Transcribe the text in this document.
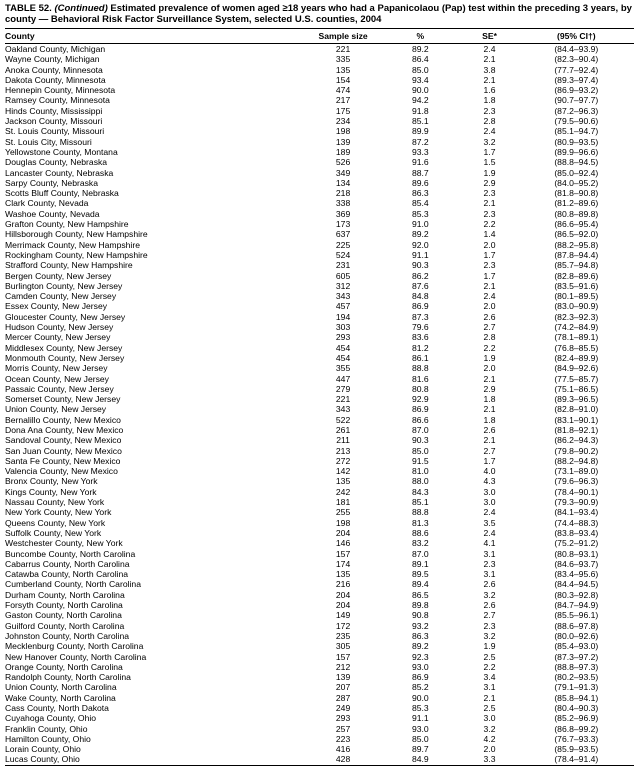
TABLE 52. (Continued) Estimated prevalence of women aged ≥18 years who had a Papanicolaou (Pap) test within the preceding 3 years, by county — Behavioral Risk Factor Surveillance System, selected U.S. counties, 2004
County	Sample size	%	SE*	(95% CI†)
Oakland County, Michigan	221	89.2	2.4	(84.4–93.9)
Wayne County, Michigan	335	86.4	2.1	(82.3–90.4)
Anoka County, Minnesota	135	85.0	3.8	(77.7–92.4)
Dakota County, Minnesota	154	93.4	2.1	(89.3–97.4)
Hennepin County, Minnesota	474	90.0	1.6	(86.9–93.2)
Ramsey County, Minnesota	217	94.2	1.8	(90.7–97.7)
Hinds County, Mississippi	175	91.8	2.3	(87.2–96.3)
Jackson County, Missouri	234	85.1	2.8	(79.5–90.6)
St. Louis County, Missouri	198	89.9	2.4	(85.1–94.7)
St. Louis City, Missouri	139	87.2	3.2	(80.9–93.5)
Yellowstone County, Montana	189	93.3	1.7	(89.9–96.6)
Douglas County, Nebraska	526	91.6	1.5	(88.8–94.5)
Lancaster County, Nebraska	349	88.7	1.9	(85.0–92.4)
Sarpy County, Nebraska	134	89.6	2.9	(84.0–95.2)
Scotts Bluff County, Nebraska	218	86.3	2.3	(81.8–90.8)
Clark County, Nevada	338	85.4	2.1	(81.2–89.6)
Washoe County, Nevada	369	85.3	2.3	(80.8–89.8)
Grafton County, New Hampshire	173	91.0	2.2	(86.6–95.4)
Hillsborough County, New Hampshire	637	89.2	1.4	(86.5–92.0)
Merrimack County, New Hampshire	225	92.0	2.0	(88.2–95.8)
Rockingham County, New Hampshire	524	91.1	1.7	(87.8–94.4)
Strafford County, New Hampshire	231	90.3	2.3	(85.7–94.8)
Bergen County, New Jersey	605	86.2	1.7	(82.8–89.6)
Burlington County, New Jersey	312	87.6	2.1	(83.5–91.6)
Camden County, New Jersey	343	84.8	2.4	(80.1–89.5)
Essex County, New Jersey	457	86.9	2.0	(83.0–90.9)
Gloucester County, New Jersey	194	87.3	2.6	(82.3–92.3)
Hudson County, New Jersey	303	79.6	2.7	(74.2–84.9)
Mercer County, New Jersey	293	83.6	2.8	(78.1–89.1)
Middlesex County, New Jersey	454	81.2	2.2	(76.8–85.5)
Monmouth County, New Jersey	454	86.1	1.9	(82.4–89.9)
Morris County, New Jersey	355	88.8	2.0	(84.9–92.6)
Ocean County, New Jersey	447	81.6	2.1	(77.5–85.7)
Passaic County, New Jersey	279	80.8	2.9	(75.1–86.5)
Somerset County, New Jersey	221	92.9	1.8	(89.3–96.5)
Union County, New Jersey	343	86.9	2.1	(82.8–91.0)
Bernalillo County, New Mexico	522	86.6	1.8	(83.1–90.1)
Dona Ana County, New Mexico	261	87.0	2.6	(81.8–92.1)
Sandoval County, New Mexico	211	90.3	2.1	(86.2–94.3)
San Juan County, New Mexico	213	85.0	2.7	(79.8–90.2)
Santa Fe County, New Mexico	272	91.5	1.7	(88.2–94.8)
Valencia County, New Mexico	142	81.0	4.0	(73.1–89.0)
Bronx County, New York	135	88.0	4.3	(79.6–96.3)
Kings County, New York	242	84.3	3.0	(78.4–90.1)
Nassau County, New York	181	85.1	3.0	(79.3–90.9)
New York County, New York	255	88.8	2.4	(84.1–93.4)
Queens County, New York	198	81.3	3.5	(74.4–88.3)
Suffolk County, New York	204	88.6	2.4	(83.8–93.4)
Westchester County, New York	146	83.2	4.1	(75.2–91.2)
Buncombe County, North Carolina	157	87.0	3.1	(80.8–93.1)
Cabarrus County, North Carolina	174	89.1	2.3	(84.6–93.7)
Catawba County, North Carolina	135	89.5	3.1	(83.4–95.6)
Cumberland County, North Carolina	216	89.4	2.6	(84.4–94.5)
Durham County, North Carolina	204	86.5	3.2	(80.3–92.8)
Forsyth County, North Carolina	204	89.8	2.6	(84.7–94.9)
Gaston County, North Carolina	149	90.8	2.7	(85.5–96.1)
Guilford County, North Carolina	172	93.2	2.3	(88.6–97.8)
Johnston County, North Carolina	235	86.3	3.2	(80.0–92.6)
Mecklenburg County, North Carolina	305	89.2	1.9	(85.4–93.0)
New Hanover County, North Carolina	157	92.3	2.5	(87.3–97.2)
Orange County, North Carolina	212	93.0	2.2	(88.8–97.3)
Randolph County, North Carolina	139	86.9	3.4	(80.2–93.5)
Union County, North Carolina	207	85.2	3.1	(79.1–91.3)
Wake County, North Carolina	287	90.0	2.1	(85.8–94.1)
Cass County, North Dakota	249	85.3	2.5	(80.4–90.3)
Cuyahoga County, Ohio	293	91.1	3.0	(85.2–96.9)
Franklin County, Ohio	257	93.0	3.2	(86.8–99.2)
Hamilton County, Ohio	223	85.0	4.2	(76.7–93.3)
Lorain County, Ohio	416	89.7	2.0	(85.9–93.5)
Lucas County, Ohio	428	84.9	3.3	(78.4–91.4)
